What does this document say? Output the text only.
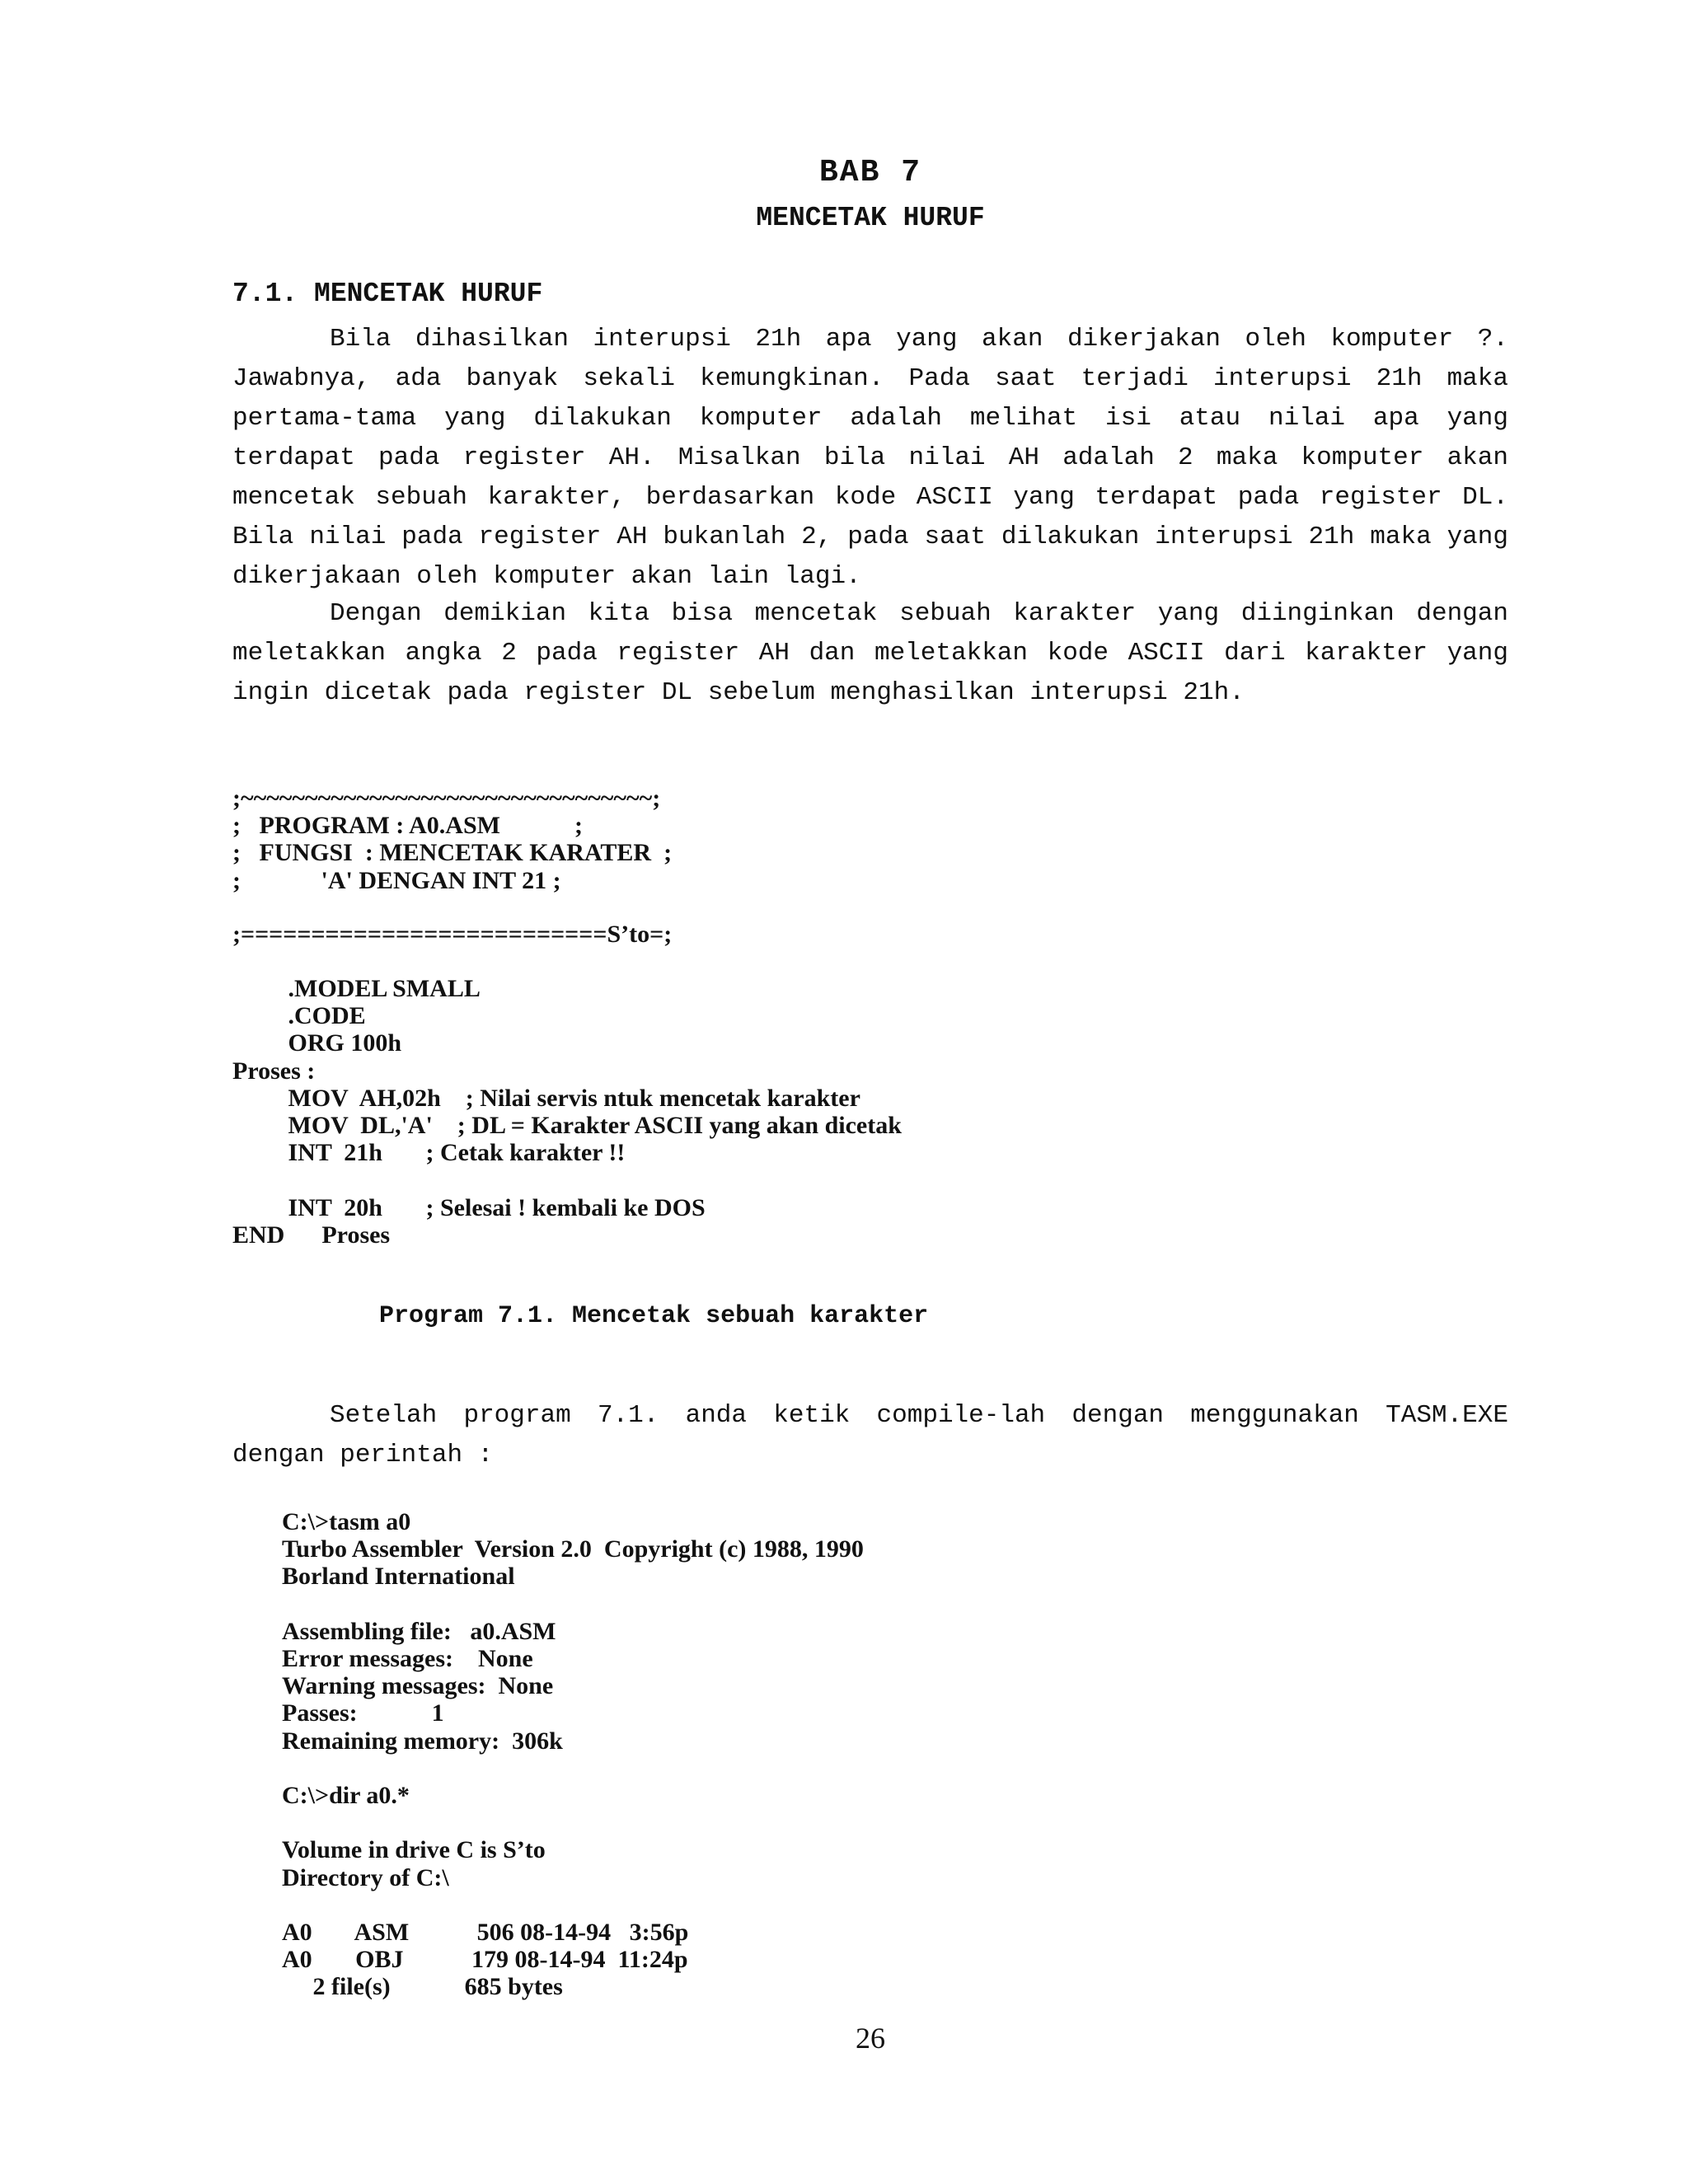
BAB 7
MENCETAK HURUF
7.1. MENCETAK HURUF
Bila dihasilkan interupsi 21h apa yang akan dikerjakan oleh komputer ?. Jawabnya, ada banyak sekali kemungkinan. Pada saat terjadi interupsi 21h maka pertama-tama yang dilakukan komputer adalah melihat isi atau nilai apa yang terdapat pada register AH. Misalkan bila nilai AH adalah 2 maka komputer akan mencetak sebuah karakter, berdasarkan kode ASCII yang terdapat pada register DL. Bila nilai pada register AH bukanlah 2, pada saat dilakukan interupsi 21h maka yang dikerjakaan oleh komputer akan lain lagi.
Dengan demikian kita bisa mencetak sebuah karakter yang diinginkan dengan meletakkan angka 2 pada register AH dan meletakkan kode ASCII dari karakter yang ingin dicetak pada register DL sebelum menghasilkan interupsi 21h.
;~~~~~~~~~~~~~~~~~~~~~~~~~~~~~~~~;
;   PROGRAM : A0.ASM            ;
;   FUNGSI  : MENCETAK KARATER  ;
;             'A' DENGAN INT 21 ;
;==========================S’to=;
.MODEL SMALL
.CODE
ORG 100h
Proses :
MOV  AH,02h    ; Nilai servis ntuk mencetak karakter
MOV  DL,'A'    ; DL = Karakter ASCII yang akan dicetak
INT  21h       ; Cetak karakter !!

INT  20h       ; Selesai ! kembali ke DOS
END      Proses
Program 7.1. Mencetak sebuah karakter
Setelah program 7.1. anda ketik compile-lah dengan menggunakan TASM.EXE dengan perintah :
C:\>tasm a0
Turbo Assembler  Version 2.0  Copyright (c) 1988, 1990
Borland International

Assembling file:   a0.ASM
Error messages:    None
Warning messages:  None
Passes:            1
Remaining memory:  306k

C:\>dir a0.*

Volume in drive C is S’to
Directory of C:\

A0       ASM           506 08-14-94   3:56p
A0       OBJ           179 08-14-94  11:24p
2 file(s)            685 bytes
26
